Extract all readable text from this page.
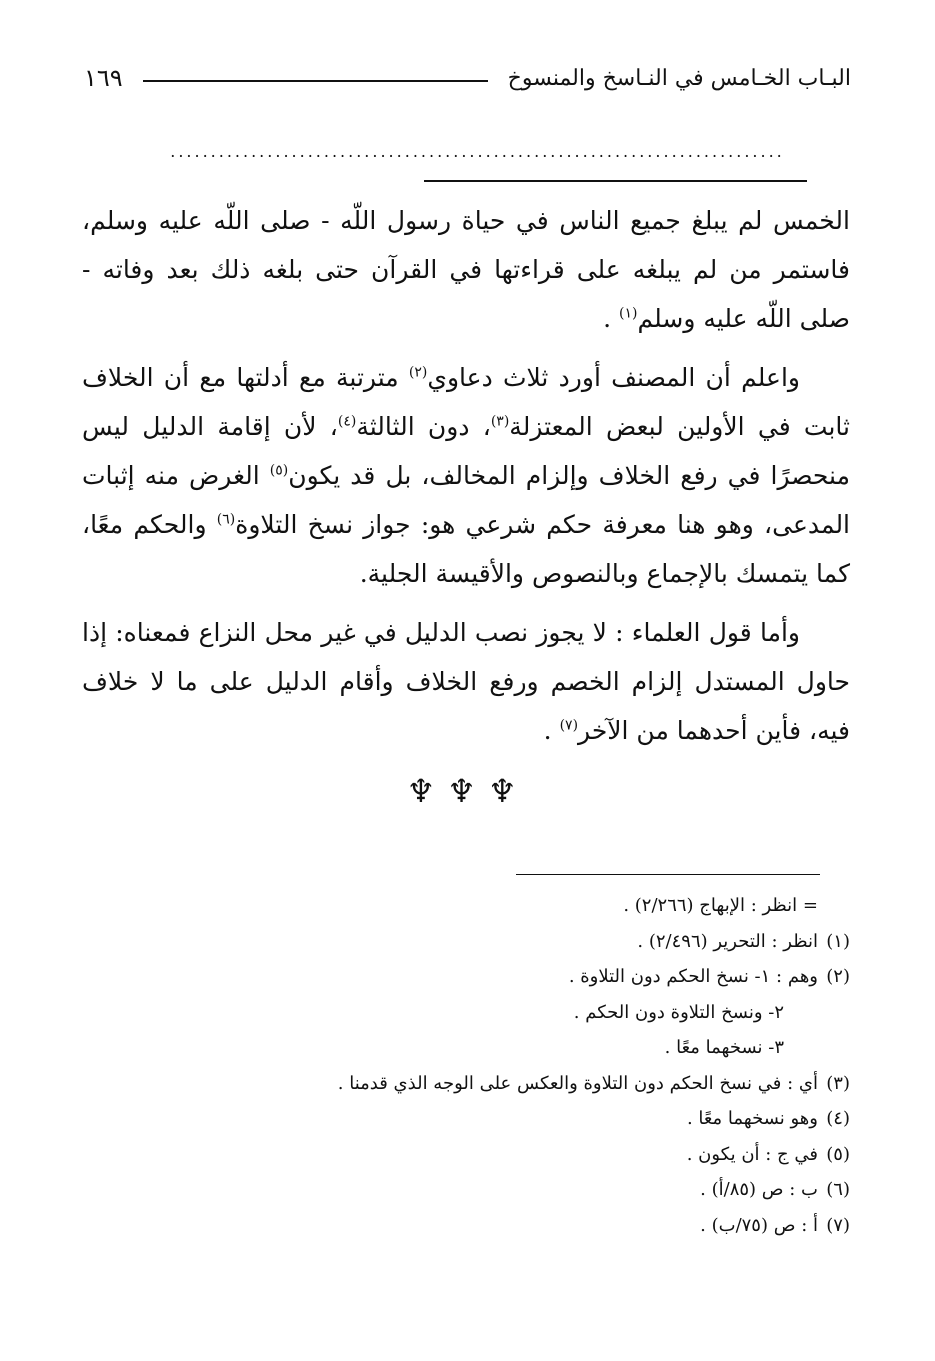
البـاب الخـامس في النـاسخ والمنسوخ
١٦٩
............................................................................

الخمس لم يبلغ جميع الناس في حياة رسول اللّه - صلى اللّه عليه وسلم، فاستمر من لم يبلغه على قراءتها في القرآن حتى بلغه ذلك بعد وفاته - صلى اللّه عليه وسلم$^{(١)}$ .

واعلم أن المصنف أورد ثلاث دعاوي$^{(٢)}$ مترتبة مع أدلتها مع أن الخلاف ثابت في الأولين لبعض المعتزلة$^{(٣)}$، دون الثالثة$^{(٤)}$، لأن إقامة الدليل ليس منحصرًا في رفع الخلاف وإلزام المخالف، بل قد يكون$^{(٥)}$ الغرض منه إثبات المدعى، وهو هنا معرفة حكم شرعي هو: جواز نسخ التلاوة$^{(٦)}$ والحكم معًا، كما يتمسك بالإجماع وبالنصوص والأقيسة الجلية.

وأما قول العلماء : لا يجوز نصب الدليل في غير محل النزاع فمعناه: إذا حاول المستدل إلزام الخصم ورفع الخلاف وأقام الدليل على ما لا خلاف فيه، فأين أحدهما من الآخر$^{(٧)}$ .

♆♆♆
= انظر : الإبهاج (٢/٢٦٦) .
(١)انظر : التحرير (٢/٤٩٦) .
(٢)وهم : ١- نسخ الحكم دون التلاوة .
٢- ونسخ التلاوة دون الحكم .
٣- نسخهما معًا .
(٣)أي : في نسخ الحكم دون التلاوة والعكس على الوجه الذي قدمنا .
(٤)وهو نسخهما معًا .
(٥)في ج : أن يكون .
(٦)ب : ص (٨٥/أ) .
(٧)أ : ص (٧٥/ب) .
